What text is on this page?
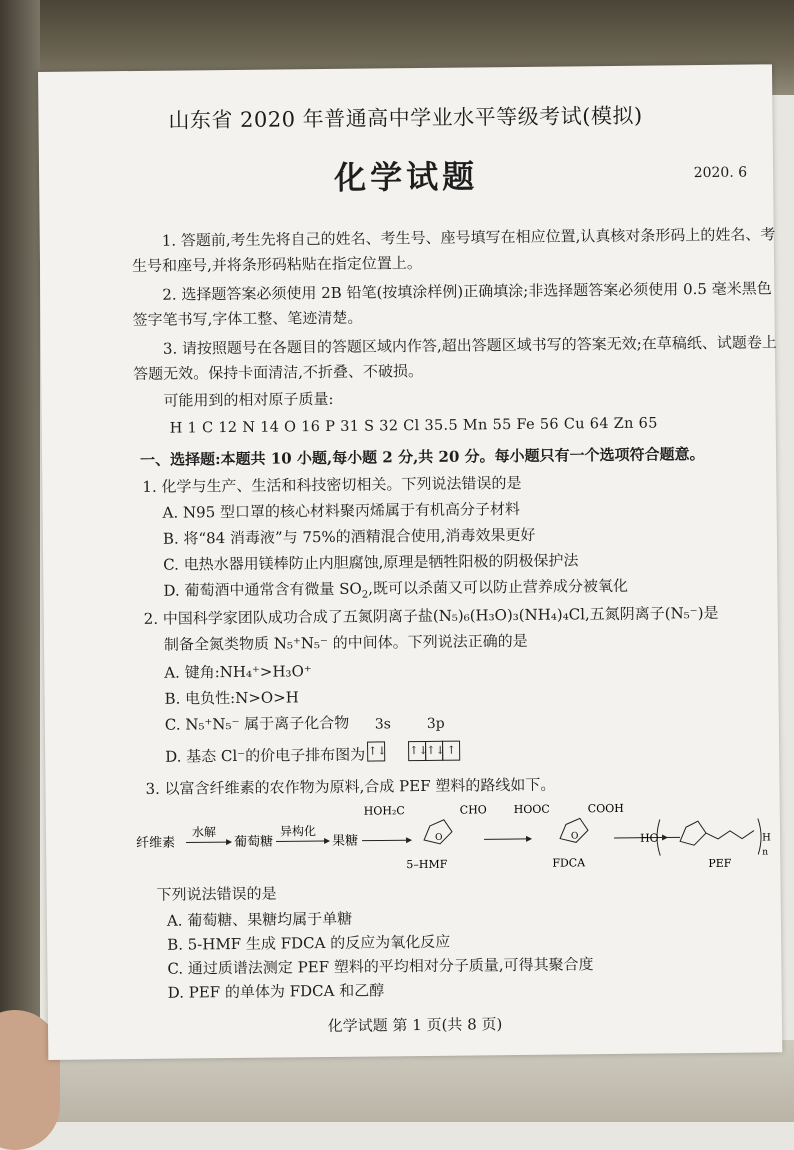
山东省 2020 年普通高中学业水平等级考试(模拟)
化学试题	2020. 6
1. 答题前,考生先将自己的姓名、考生号、座号填写在相应位置,认真核对条形码上的姓名、考生号和座号,并将条形码粘贴在指定位置上。
2. 选择题答案必须使用 2B 铅笔(按填涂样例)正确填涂;非选择题答案必须使用 0.5 毫米黑色签字笔书写,字体工整、笔迹清楚。
3. 请按照题号在各题目的答题区域内作答,超出答题区域书写的答案无效;在草稿纸、试题卷上答题无效。保持卡面清洁,不折叠、不破损。
可能用到的相对原子质量:
H 1 C 12 N 14 O 16 P 31 S 32 Cl 35.5 Mn 55 Fe 56 Cu 64 Zn 65
一、选择题:本题共 10 小题,每小题 2 分,共 20 分。每小题只有一个选项符合题意。
1. 化学与生产、生活和科技密切相关。下列说法错误的是
A. N95 型口罩的核心材料聚丙烯属于有机高分子材料
B. 将“84 消毒液”与 75%的酒精混合使用,消毒效果更好
C. 电热水器用镁棒防止内胆腐蚀,原理是牺牲阳极的阴极保护法
D. 葡萄酒中通常含有微量 $SO_2$,既可以杀菌又可以防止营养成分被氧化
2. 中国科学家团队成功合成了五氮阴离子盐(N₅)₆(H₃O)₃(NH₄)₄Cl,五氮阴离子(N₅⁻)是
制备全氮类物质 N₅⁺N₅⁻ 的中间体。下列说法正确的是
A. 键角:NH₄⁺>H₃O⁺
B. 电负性:N>O>H
C. N₅⁺N₅⁻ 属于离子化合物
D. 基态 Cl⁻的价电子排布图为
3s	3p
↑↓ ↑↓↑↓ ↑
3. 以富含纤维素的农作物为原料,合成 PEF 塑料的路线如下。
纤维素
水解
葡萄糖
异构化
果糖
HOH₂C
O
CHO
5–HMF
HOOC
O
COOH
FDCA
HO	H
n
PEF
下列说法错误的是
A. 葡萄糖、果糖均属于单糖
B. 5-HMF 生成 FDCA 的反应为氧化反应
C. 通过质谱法测定 PEF 塑料的平均相对分子质量,可得其聚合度
D. PEF 的单体为 FDCA 和乙醇
化学试题 第 1 页(共 8 页)
